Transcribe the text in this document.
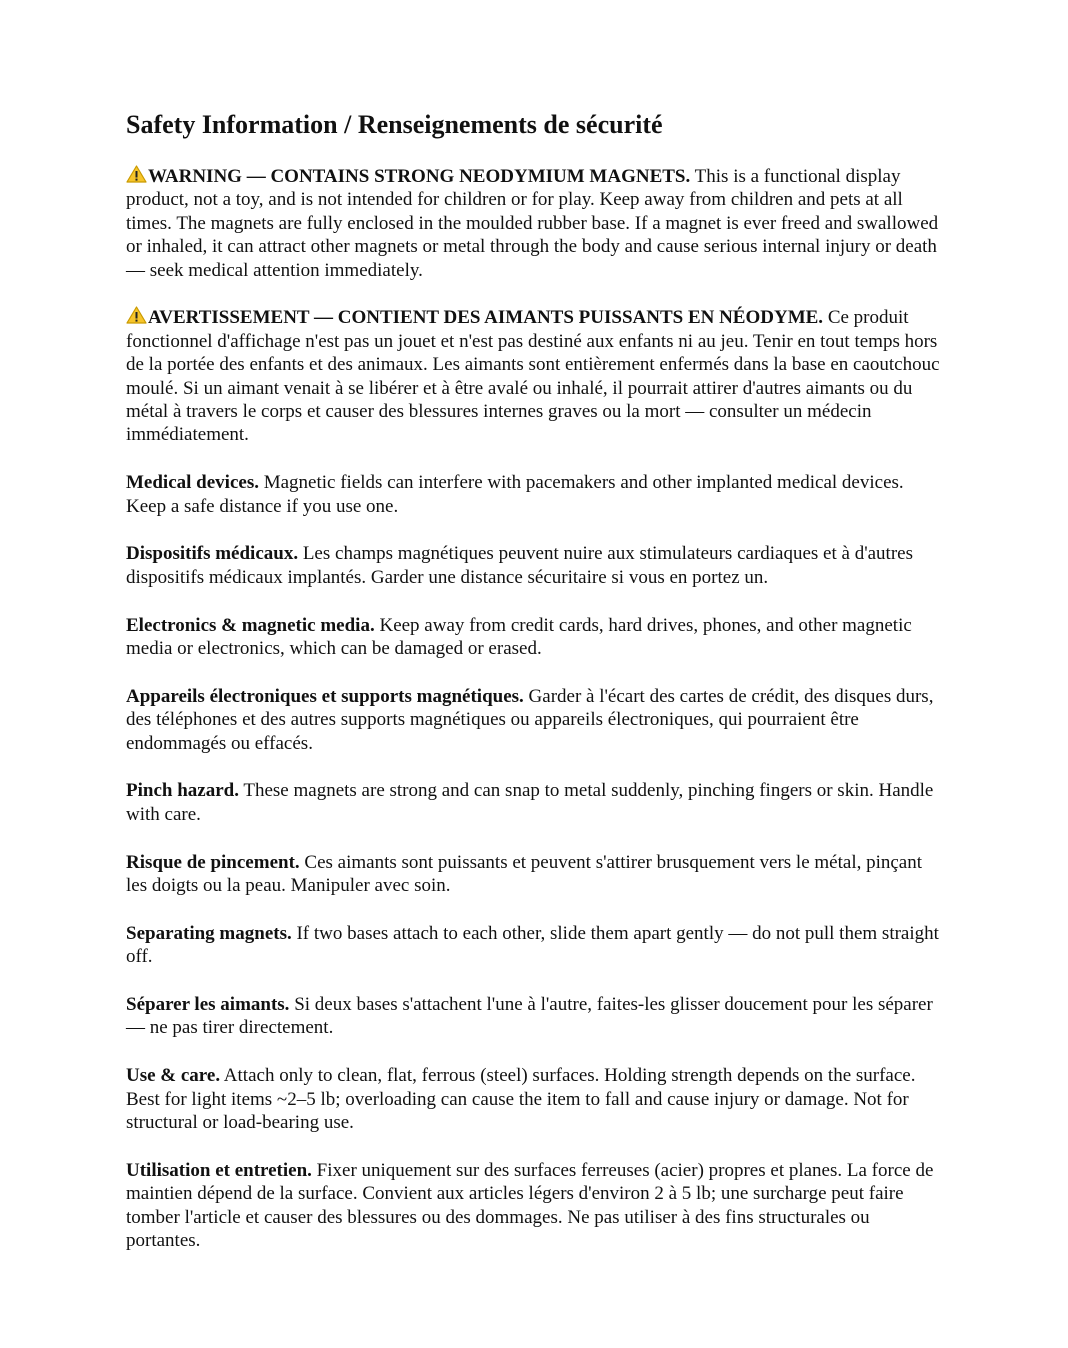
Safety Information / Renseignements de sécurité

WARNING — CONTAINS STRONG NEODYMIUM MAGNETS. This is a functional display product, not a toy, and is not intended for children or for play. Keep away from children and pets at all times. The magnets are fully enclosed in the moulded rubber base. If a magnet is ever freed and swallowed or inhaled, it can attract other magnets or metal through the body and cause serious internal injury or death — seek medical attention immediately.

AVERTISSEMENT — CONTIENT DES AIMANTS PUISSANTS EN NÉODYME. Ce produit fonctionnel d'affichage n'est pas un jouet et n'est pas destiné aux enfants ni au jeu. Tenir en tout temps hors de la portée des enfants et des animaux. Les aimants sont entièrement enfermés dans la base en caoutchouc moulé. Si un aimant venait à se libérer et à être avalé ou inhalé, il pourrait attirer d'autres aimants ou du métal à travers le corps et causer des blessures internes graves ou la mort — consulter un médecin immédiatement.

Medical devices. Magnetic fields can interfere with pacemakers and other implanted medical devices. Keep a safe distance if you use one.

Dispositifs médicaux. Les champs magnétiques peuvent nuire aux stimulateurs cardiaques et à d'autres dispositifs médicaux implantés. Garder une distance sécuritaire si vous en portez un.

Electronics & magnetic media. Keep away from credit cards, hard drives, phones, and other magnetic media or electronics, which can be damaged or erased.

Appareils électroniques et supports magnétiques. Garder à l'écart des cartes de crédit, des disques durs, des téléphones et des autres supports magnétiques ou appareils électroniques, qui pourraient être endommagés ou effacés.

Pinch hazard. These magnets are strong and can snap to metal suddenly, pinching fingers or skin. Handle with care.

Risque de pincement. Ces aimants sont puissants et peuvent s'attirer brusquement vers le métal, pinçant les doigts ou la peau. Manipuler avec soin.

Separating magnets. If two bases attach to each other, slide them apart gently — do not pull them straight off.

Séparer les aimants. Si deux bases s'attachent l'une à l'autre, faites-les glisser doucement pour les séparer — ne pas tirer directement.

Use & care. Attach only to clean, flat, ferrous (steel) surfaces. Holding strength depends on the surface. Best for light items ~2–5 lb; overloading can cause the item to fall and cause injury or damage. Not for structural or load-bearing use.

Utilisation et entretien. Fixer uniquement sur des surfaces ferreuses (acier) propres et planes. La force de maintien dépend de la surface. Convient aux articles légers d'environ 2 à 5 lb; une surcharge peut faire tomber l'article et causer des blessures ou des dommages. Ne pas utiliser à des fins structurales ou portantes.
